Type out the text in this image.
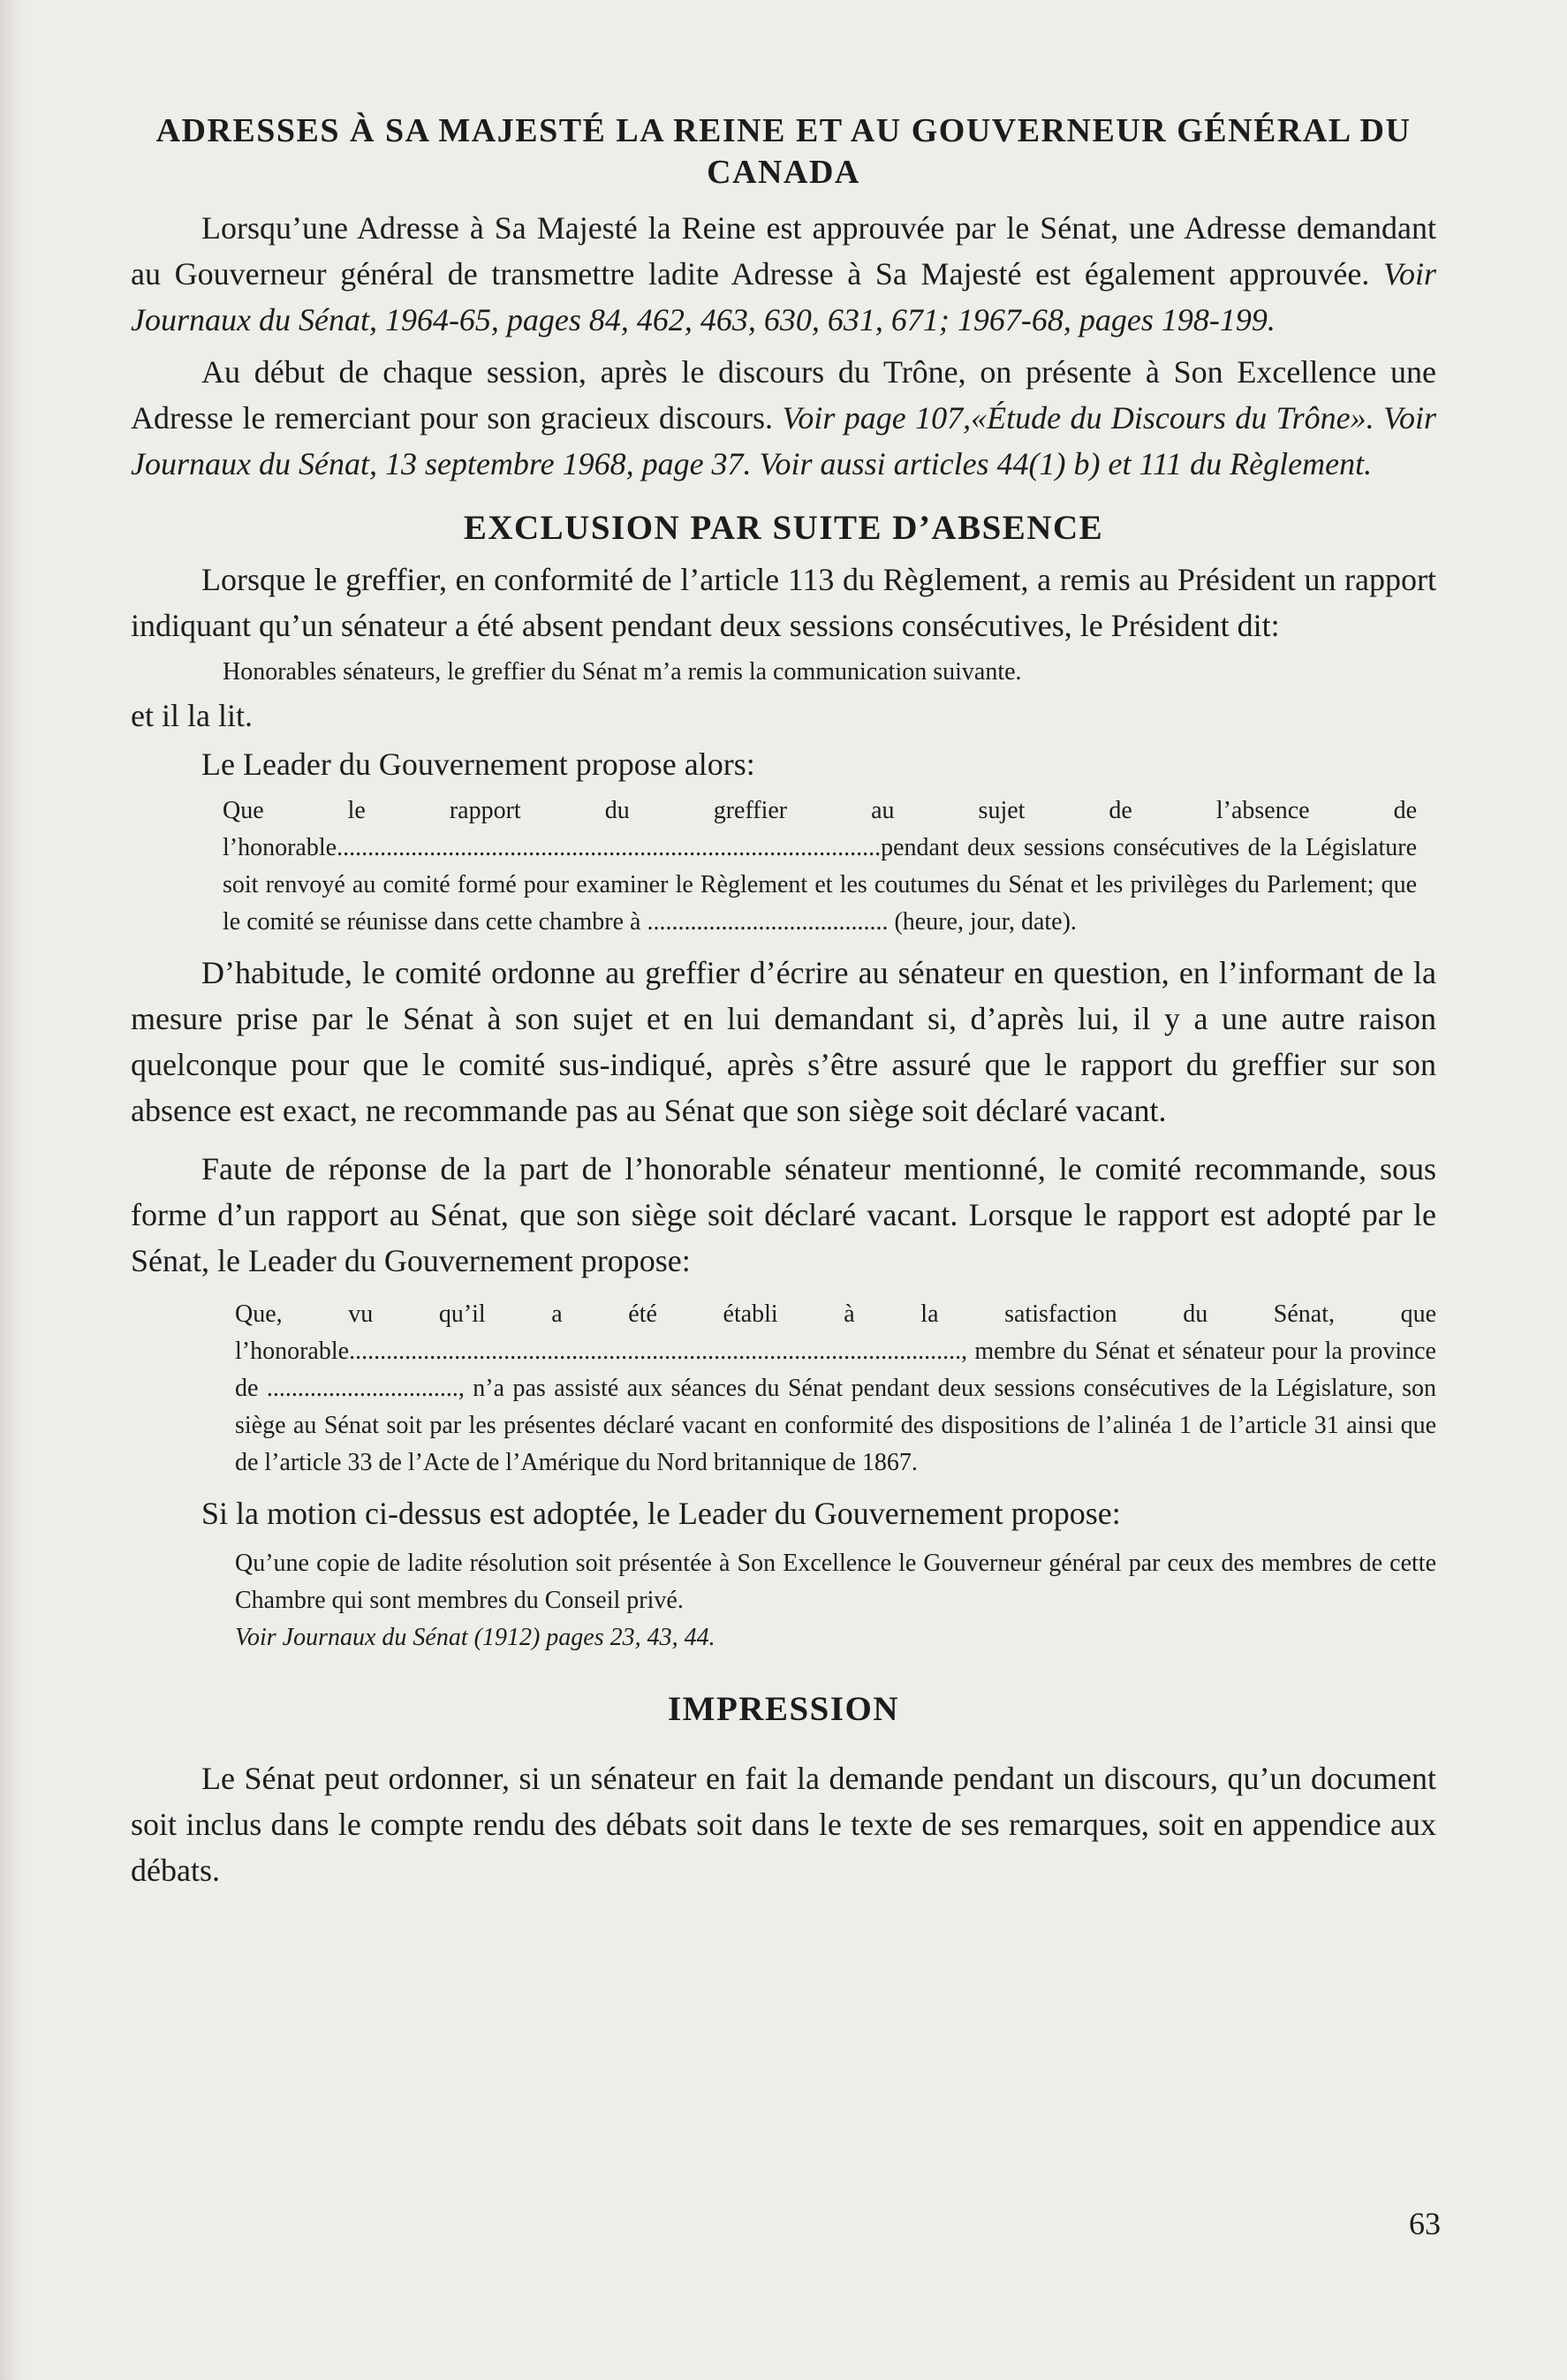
ADRESSES À SA MAJESTÉ LA REINE ET AU GOUVERNEUR GÉNÉRAL DU CANADA

Lorsqu’une Adresse à Sa Majesté la Reine est approuvée par le Sénat, une Adresse demandant au Gouverneur général de transmettre ladite Adresse à Sa Majesté est également approuvée. Voir Journaux du Sénat, 1964-65, pages 84, 462, 463, 630, 631, 671; 1967-68, pages 198-199.

Au début de chaque session, après le discours du Trône, on présente à Son Excellence une Adresse le remerciant pour son gracieux discours. Voir page 107,«Étude du Discours du Trône». Voir Journaux du Sénat, 13 septembre 1968, page 37. Voir aussi articles 44(1) b) et 111 du Règlement.

EXCLUSION PAR SUITE D’ABSENCE

Lorsque le greffier, en conformité de l’article 113 du Règlement, a remis au Président un rapport indiquant qu’un sénateur a été absent pendant deux sessions consécutives, le Président dit:

Honorables sénateurs, le greffier du Sénat m’a remis la communication suivante.

et il la lit.

Le Leader du Gouvernement propose alors:

Que le rapport du greffier au sujet de l’absence de l’honorable........................................................................................pendant deux sessions consécutives de la Législature soit renvoyé au comité formé pour examiner le Règlement et les coutumes du Sénat et les privilèges du Parlement; que le comité se réunisse dans cette chambre à ....................................... (heure, jour, date).

D’habitude, le comité ordonne au greffier d’écrire au sénateur en question, en l’informant de la mesure prise par le Sénat à son sujet et en lui demandant si, d’après lui, il y a une autre raison quelconque pour que le comité sus-indiqué, après s’être assuré que le rapport du greffier sur son absence est exact, ne recommande pas au Sénat que son siège soit déclaré vacant.

Faute de réponse de la part de l’honorable sénateur mentionné, le comité recommande, sous forme d’un rapport au Sénat, que son siège soit déclaré vacant. Lorsque le rapport est adopté par le Sénat, le Leader du Gouvernement propose:

Que, vu qu’il a été établi à la satisfaction du Sénat, que l’honorable..................................................................................................., membre du Sénat et sénateur pour la province de ..............................., n’a pas assisté aux séances du Sénat pendant deux sessions consécutives de la Législature, son siège au Sénat soit par les présentes déclaré vacant en conformité des dispositions de l’alinéa 1 de l’article 31 ainsi que de l’article 33 de l’Acte de l’Amérique du Nord britannique de 1867.

Si la motion ci-dessus est adoptée, le Leader du Gouvernement propose:

Qu’une copie de ladite résolution soit présentée à Son Excellence le Gouverneur général par ceux des membres de cette Chambre qui sont membres du Conseil privé.

Voir Journaux du Sénat (1912) pages 23, 43, 44.

IMPRESSION

Le Sénat peut ordonner, si un sénateur en fait la demande pendant un discours, qu’un document soit inclus dans le compte rendu des débats soit dans le texte de ses remarques, soit en appendice aux débats.

63
